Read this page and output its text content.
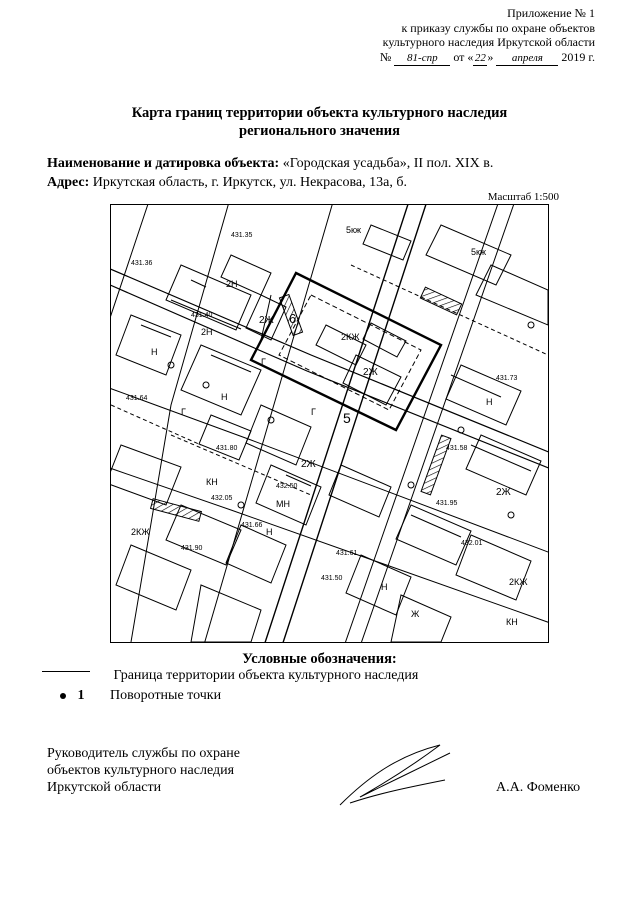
Приложение № 1
к приказу службы по охране объектов
культурного наследия Иркутской области
№ 81-спр от « 22 » апреля 2019 г.
Карта границ территории объекта культурного наследия
регионального значения
Наименование и датировка объекта: «Городская усадьба», II пол. XIX в.
Адрес: Иркутская область, г. Иркутск, ул. Некрасова, 13а, б.
Масштаб 1:500
5
6
5кж
5кж
2Ж
2Ж
2Ж
2Ж
2КЖ
2КЖ
2КЖ
2Н
2Н
КН
КН
МН
Ж
Н
Н
Н
Н
Н
Г
Г	Г
431.35
431.36
431.40
431.64
431.80
432.05
431.90
431.66
432.50
431.61
431.50
431.58
431.73
431.95
432.01
Условные обозначения:
Граница территории объекта культурного наследия
1 Поворотные точки
Руководитель службы по охране
объектов культурного наследия
Иркутской области	А.А. Фоменко
